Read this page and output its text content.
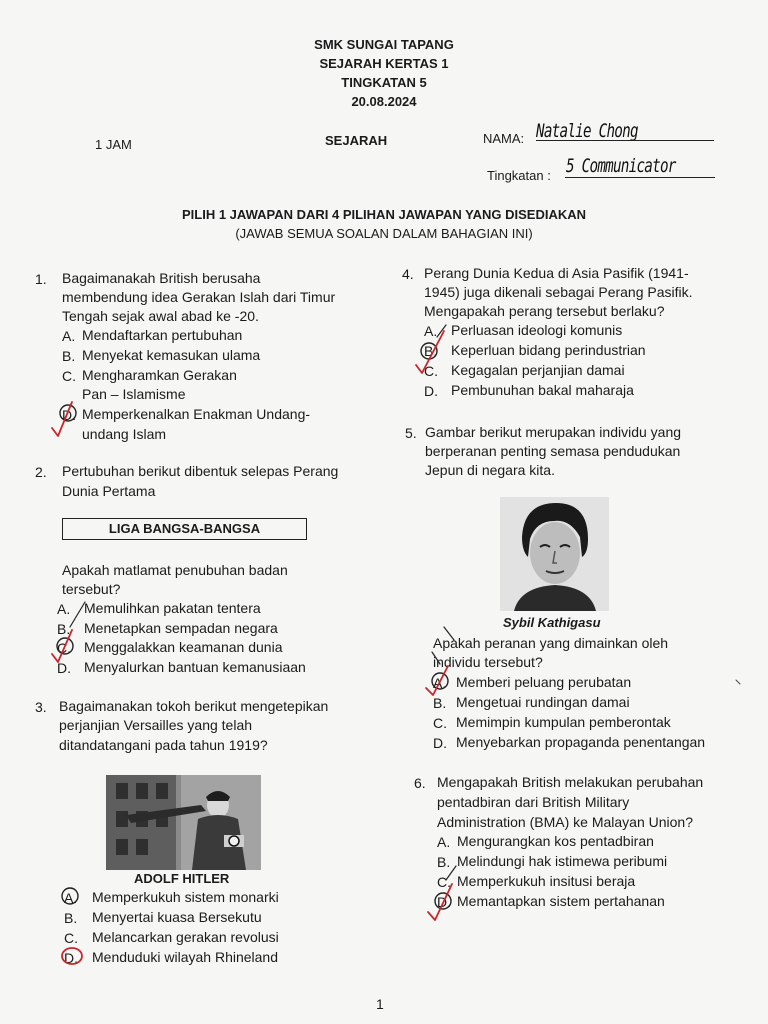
SMK SUNGAI TAPANG
SEJARAH KERTAS 1
TINGKATAN 5
20.08.2024
1 JAM	SEJARAH	NAMA: Natalie Chong
Tingkatan : 5 Communicator
PILIH 1 JAWAPAN DARI 4 PILIHAN JAWAPAN YANG DISEDIAKAN
(JAWAB SEMUA SOALAN DALAM BAHAGIAN INI)
1. Bagaimanakah British berusaha
membendung idea Gerakan Islah dari Timur
Tengah sejak awal abad ke -20.
A. Mendaftarkan pertubuhan
B. Menyekat kemasukan ulama
C. Mengharamkan Gerakan
Pan – Islamisme
D. Memperkenalkan Enakman Undang-
undang Islam
2. Pertubuhan berikut dibentuk selepas Perang
Dunia Pertama
LIGA BANGSA-BANGSA
Apakah matlamat penubuhan badan
tersebut?
A. Memulihkan pakatan tentera
B. Menetapkan sempadan negara
C. Menggalakkan keamanan dunia
D. Menyalurkan bantuan kemanusiaan
3. Bagaimanakan tokoh berikut mengetepikan
perjanjian Versailles yang telah
ditandatangani pada tahun 1919?
ADOLF HITLER
A. Memperkukuh sistem monarki
B. Menyertai kuasa Bersekutu
C. Melancarkan gerakan revolusi
D. Menduduki wilayah Rhineland
4. Perang Dunia Kedua di Asia Pasifik (1941-
1945) juga dikenali sebagai Perang Pasifik.
Mengapakah perang tersebut berlaku?
A. Perluasan ideologi komunis
B. Keperluan bidang perindustrian
C. Kegagalan perjanjian damai
D. Pembunuhan bakal maharaja
5. Gambar berikut merupakan individu yang
berperanan penting semasa pendudukan
Jepun di negara kita.
Sybil Kathigasu
Apakah peranan yang dimainkan oleh
individu tersebut?
A. Memberi peluang perubatan
B. Mengetuai rundingan damai
C. Memimpin kumpulan pemberontak
D. Menyebarkan propaganda penentangan
6. Mengapakah British melakukan perubahan
pentadbiran dari British Military
Administration (BMA) ke Malayan Union?
A. Mengurangkan kos pentadbiran
B. Melindungi hak istimewa peribumi
C. Memperkukuh insitusi beraja
D. Memantapkan sistem pertahanan
1
